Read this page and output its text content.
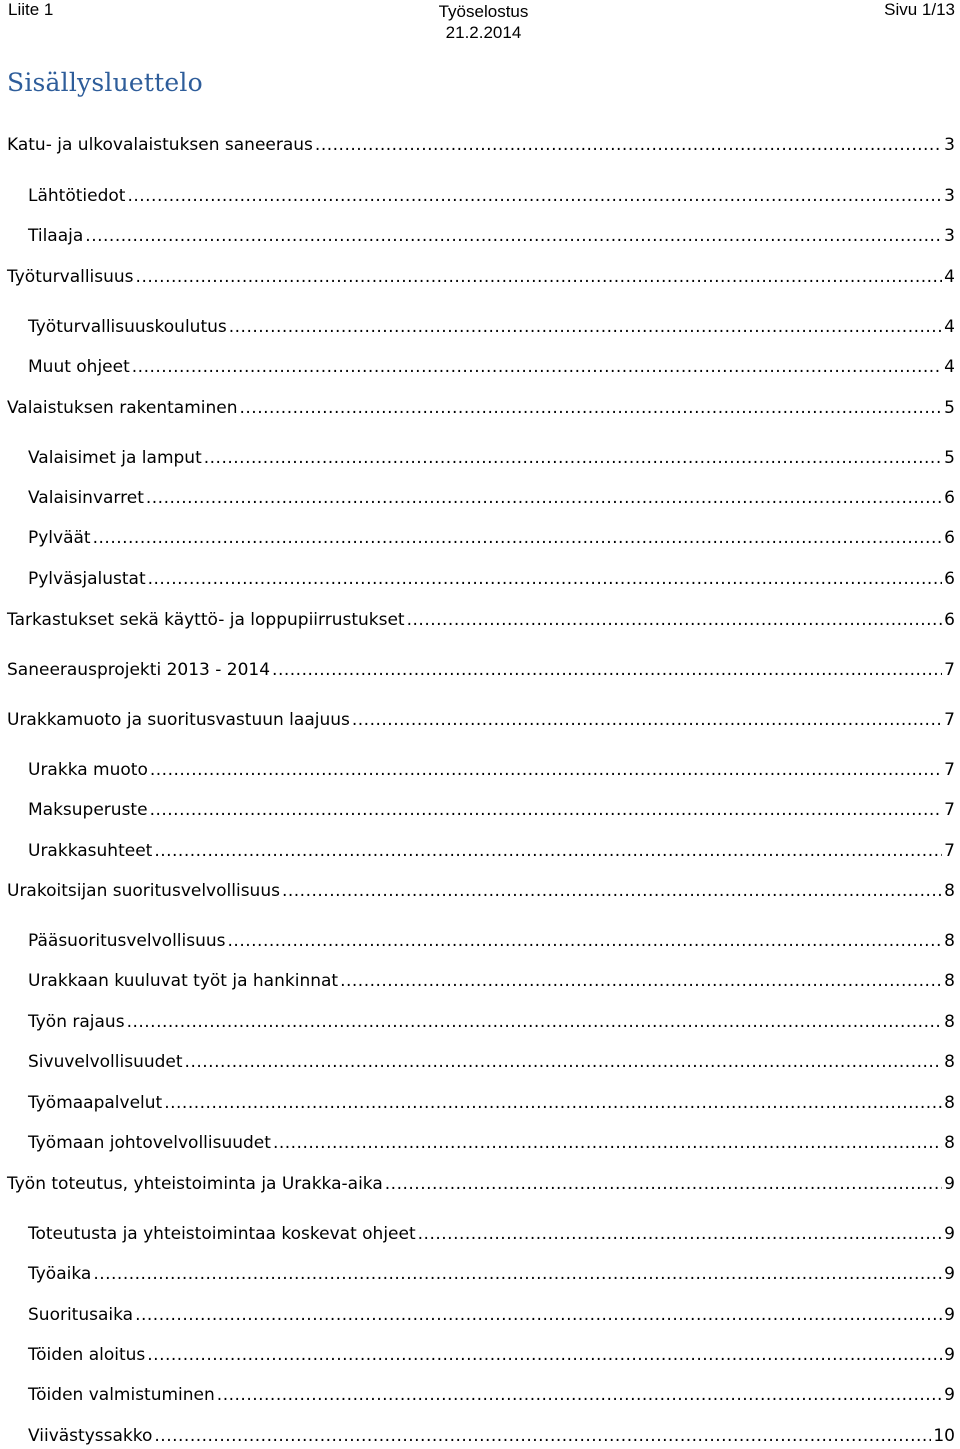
Liite 1	Työselostus
21.2.2014
Sivu 1/13
Sisällysluettelo
Katu- ja ulkovalaistuksen saneeraus .....	3
Lähtötiedot .....	3
Tilaaja .....	3
Työturvallisuus .....	4
Työturvallisuuskoulutus .....	4
Muut ohjeet .....	4
Valaistuksen rakentaminen .....	5
Valaisimet ja lamput .....	5
Valaisinvarret .....	6
Pylväät .....	6
Pylväsjalustat .....	6
Tarkastukset sekä käyttö- ja loppupiirrustukset .....	6
Saneerausprojekti 2013 - 2014 .....	7
Urakkamuoto ja suoritusvastuun laajuus .....	7
Urakka muoto .....	7
Maksuperuste .....	7
Urakkasuhteet .....	7
Urakoitsijan suoritusvelvollisuus .....	8
Pääsuoritusvelvollisuus .....	8
Urakkaan kuuluvat työt ja hankinnat .....	8
Työn rajaus .....	8
Sivuvelvollisuudet .....	8
Työmaapalvelut .....	8
Työmaan johtovelvollisuudet .....	8
Työn toteutus, yhteistoiminta ja Urakka-aika .....	9
Toteutusta ja yhteistoimintaa koskevat ohjeet .....	9
Työaika .....	9
Suoritusaika .....	9
Töiden aloitus .....	9
Töiden valmistuminen .....	9
Viivästyssakko .....	10
